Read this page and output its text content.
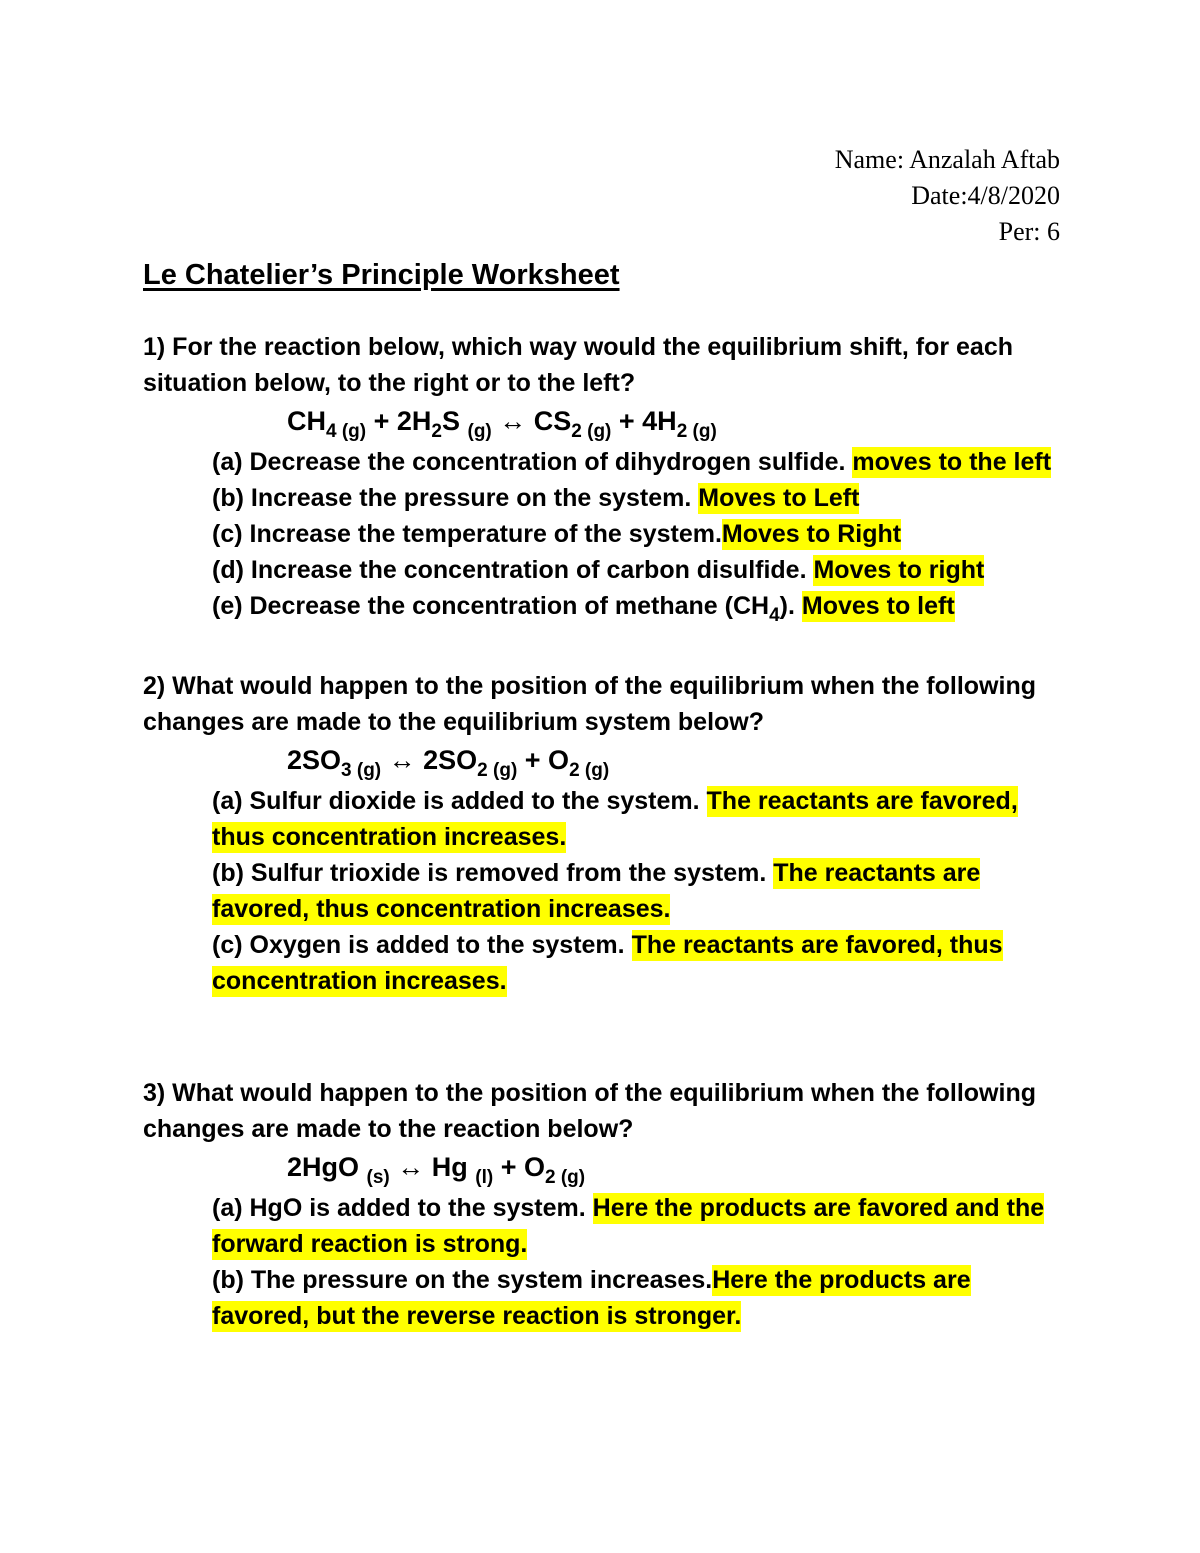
Name: Anzalah Aftab
Date:4/8/2020
Per: 6
Le Chatelier’s Principle Worksheet

1) For the reaction below, which way would the equilibrium shift, for each situation below, to the right or to the left?

$CH_{4 (g)} + 2H_2S$ $_{(g)}$ ↔ $CS_{2 (g)} + 4H_{2 (g)}$

(a) Decrease the concentration of dihydrogen sulfide. moves to the left

(b) Increase the pressure on the system. Moves to Left

(c) Increase the temperature of the system.Moves to Right

(d) Increase the concentration of carbon disulfide. Moves to right

(e) Decrease the concentration of methane $(CH_4)$. Moves to left

2) What would happen to the position of the equilibrium when the following changes are made to the equilibrium system below?

$2SO_{3 (g)}$ ↔ $2SO_{2 (g)} + O_{2 (g)}$

(a) Sulfur dioxide is added to the system. The reactants are favored, thus concentration increases.

(b) Sulfur trioxide is removed from the system. The reactants are favored, thus concentration increases.

(c) Oxygen is added to the system. The reactants are favored, thus concentration increases.

3) What would happen to the position of the equilibrium when the following changes are made to the reaction below?

2HgO $_{(s)}$ ↔ Hg $_{(l)} + O_{2 (g)}$

(a) HgO is added to the system. Here the products are favored and the forward reaction is strong.

(b) The pressure on the system increases.Here the products are favored, but the reverse reaction is stronger.
